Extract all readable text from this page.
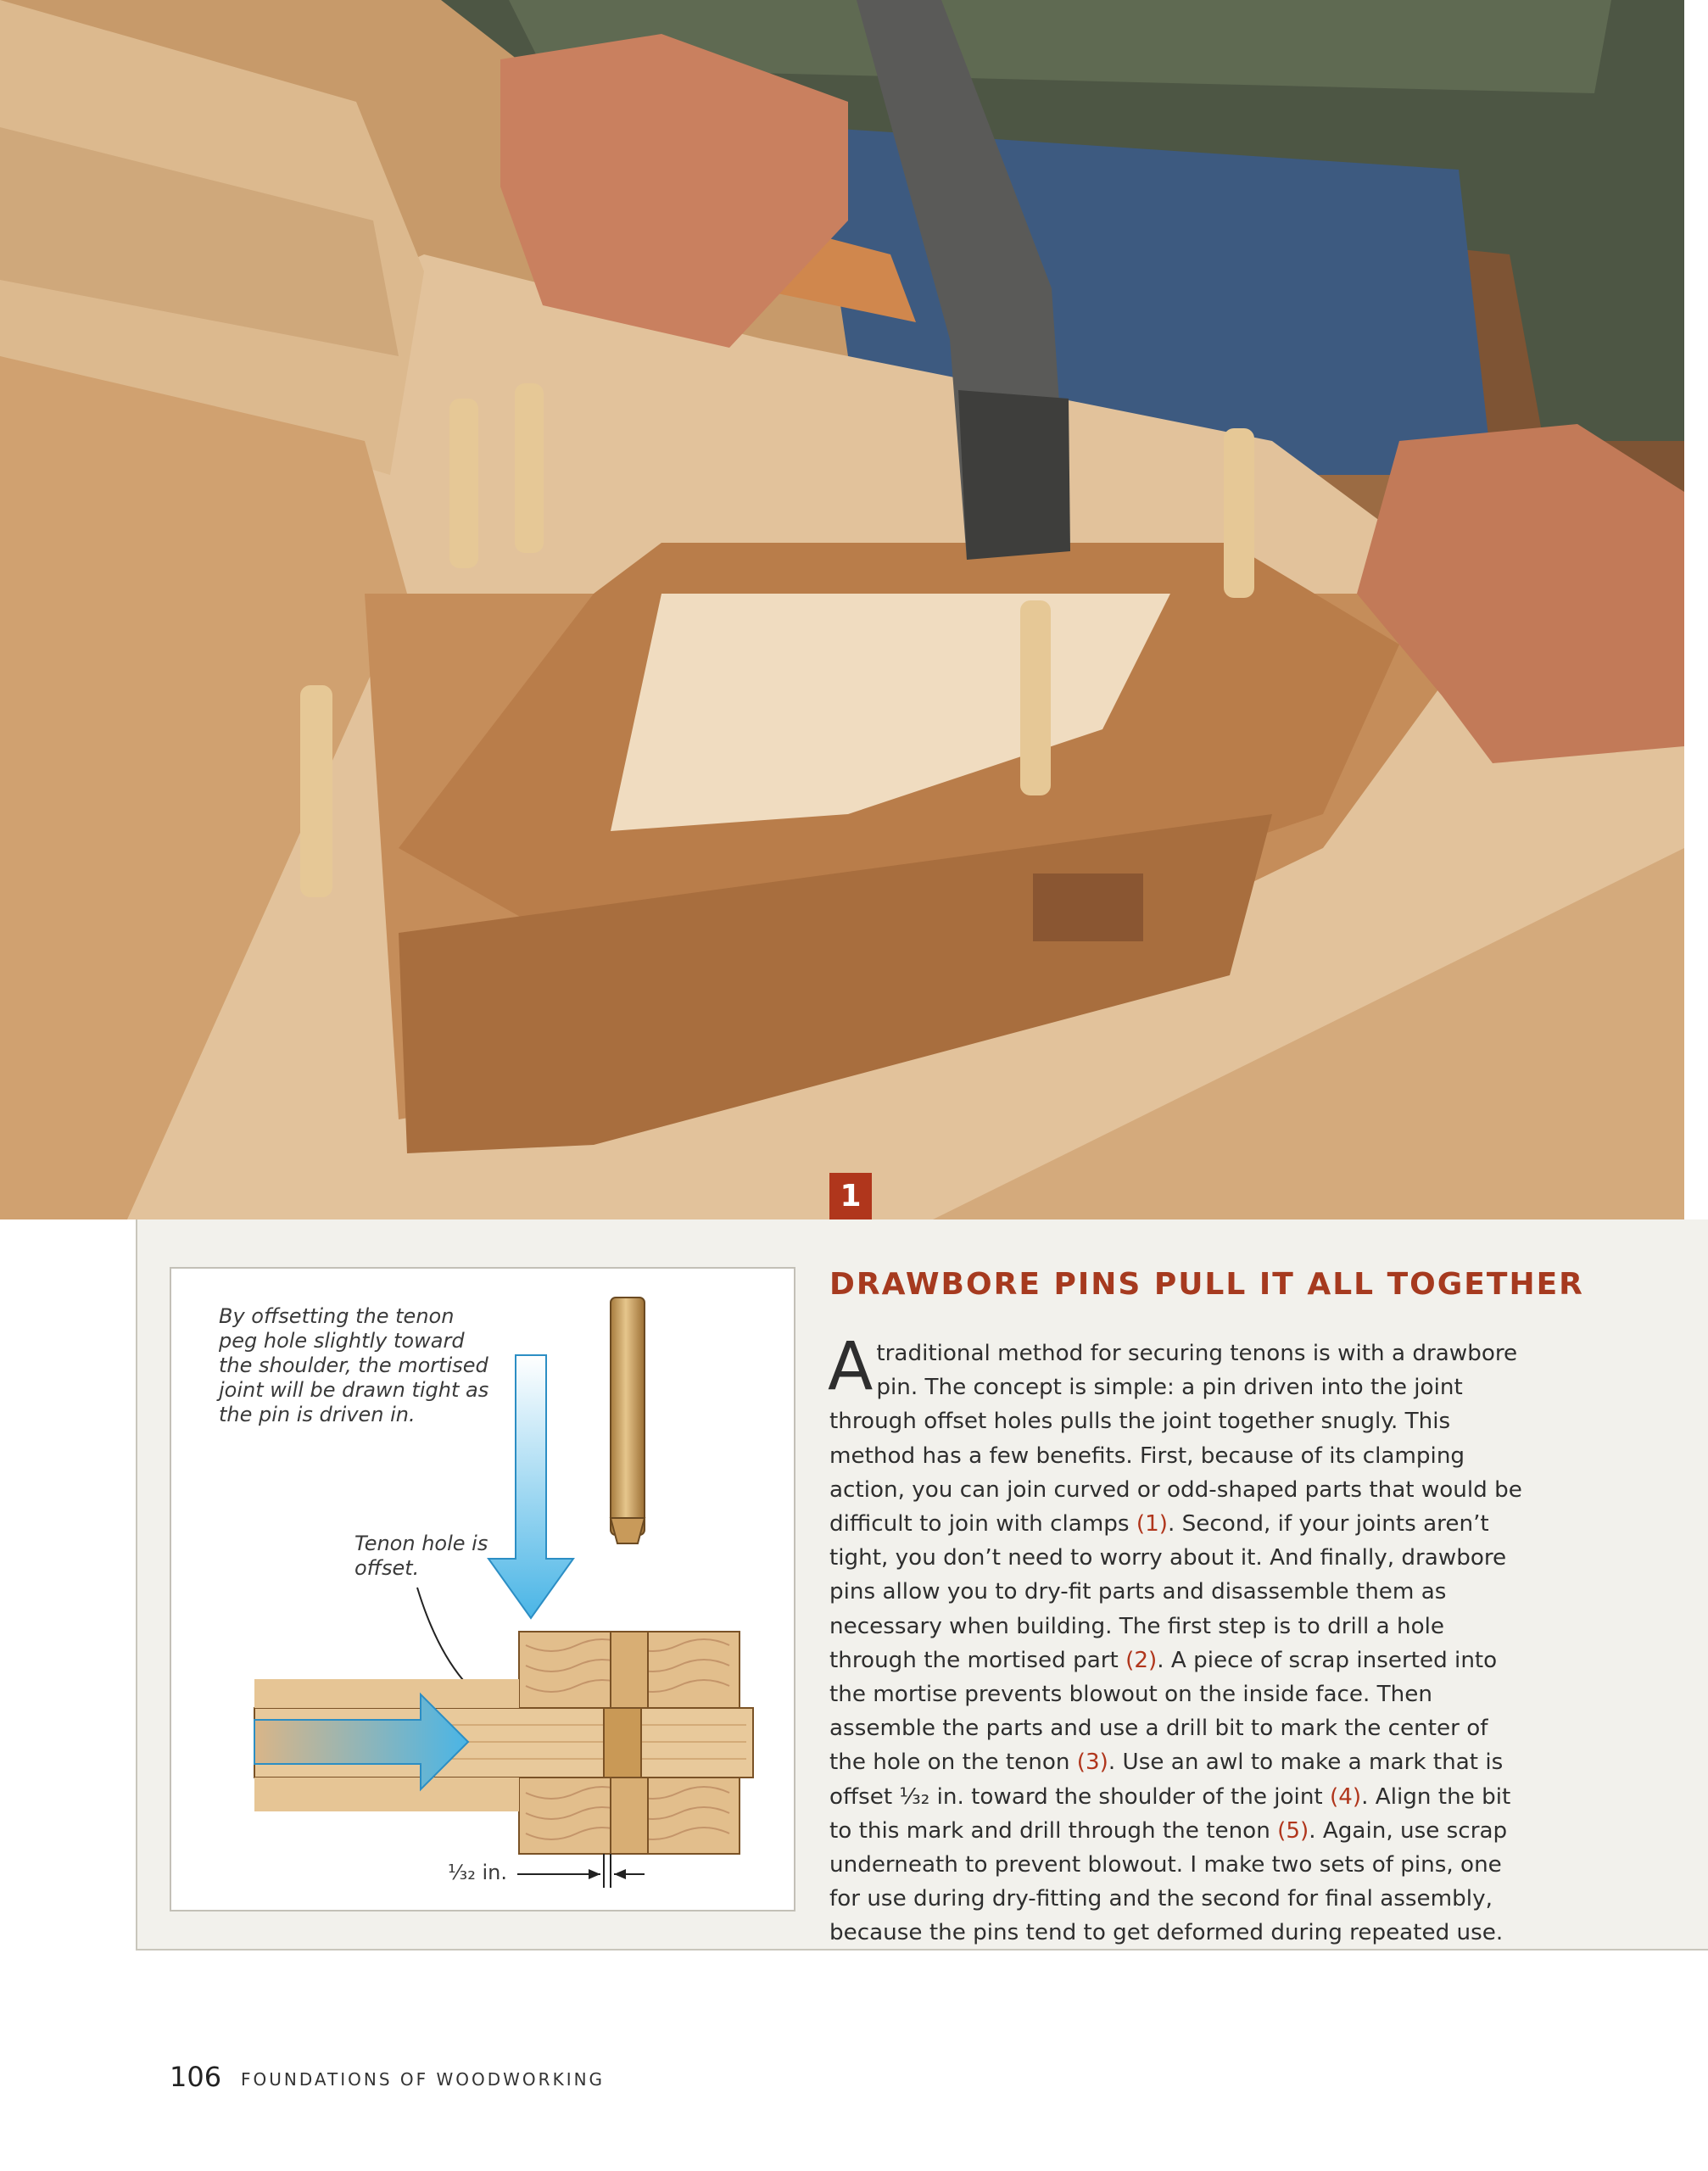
1
By offsetting the tenon peg hole slightly toward the shoulder, the mortised joint will be drawn tight as the pin is driven in.
Tenon hole is offset.
¹⁄₃₂ in.
DRAWBORE PINS PULL IT ALL TOGETHER
A traditional method for securing tenons is with a drawbore pin. The concept is simple: a pin driven into the joint through offset holes pulls the joint together snugly. This method has a few benefits. First, because of its clamping action, you can join curved or odd-shaped parts that would be difficult to join with clamps (1). Second, if your joints aren’t tight, you don’t need to worry about it. And finally, drawbore pins allow you to dry-fit parts and disassemble them as necessary when building. The first step is to drill a hole through the mortised part (2). A piece of scrap inserted into the mortise prevents blowout on the inside face. Then assemble the parts and use a drill bit to mark the center of the hole on the tenon (3). Use an awl to make a mark that is offset ¹⁄₃₂ in. toward the shoulder of the joint (4). Align the bit to this mark and drill through the tenon (5). Again, use scrap underneath to prevent blowout. I make two sets of pins, one for use during dry-fitting and the second for final assembly, because the pins tend to get deformed during repeated use.
106 FOUNDATIONS OF WOODWORKING
